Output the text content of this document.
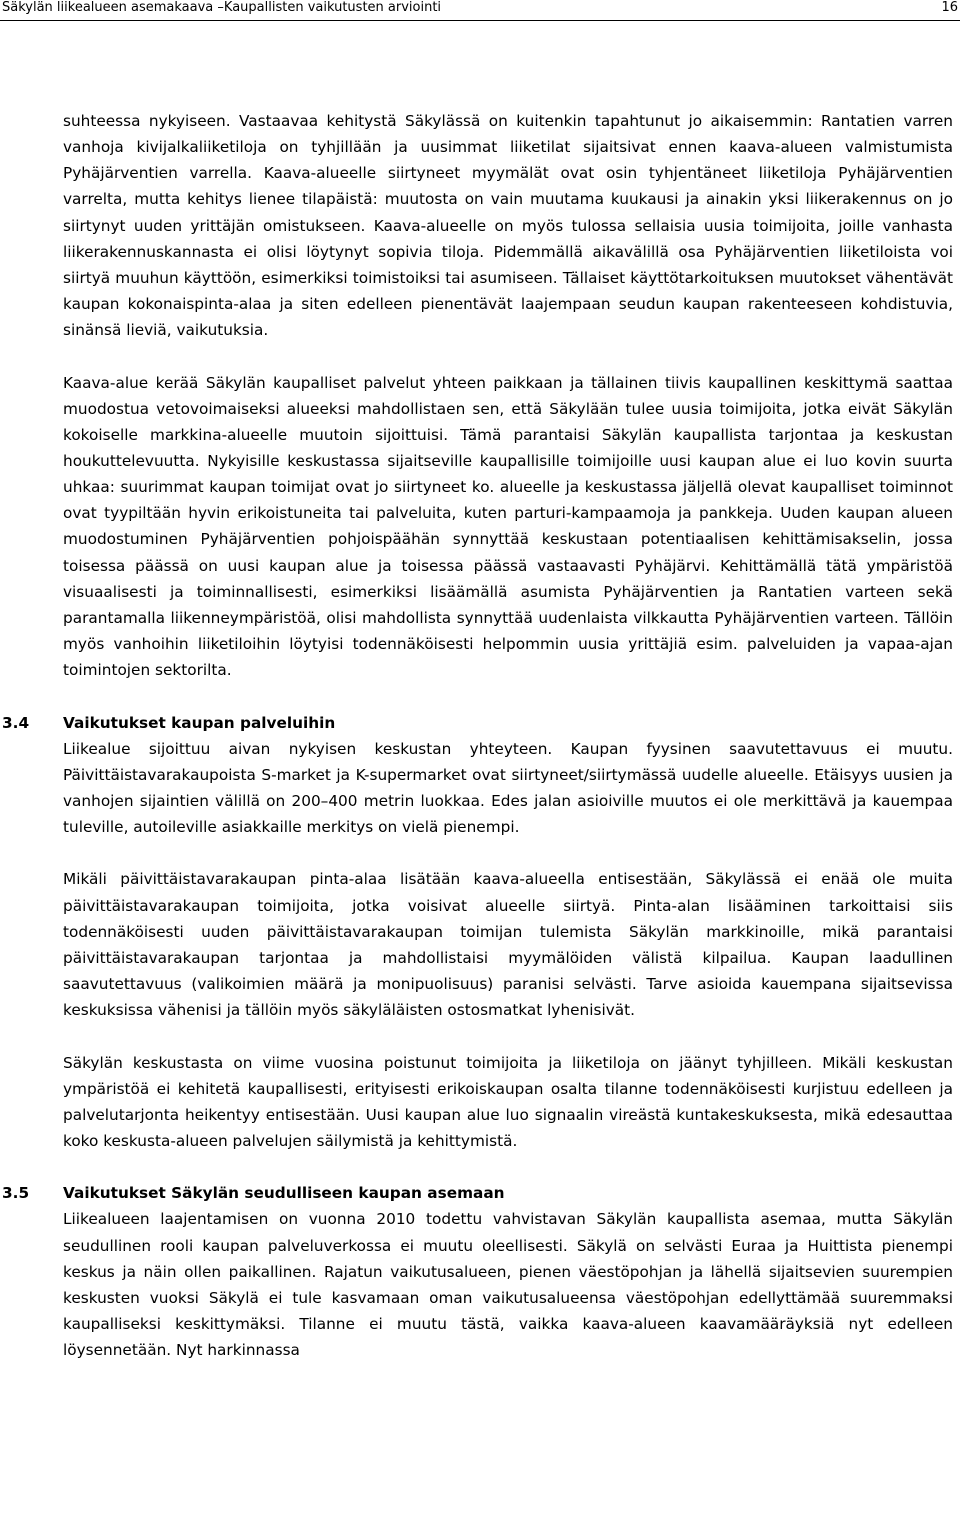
Säkylän liikealueen asemakaava –Kaupallisten vaikutusten arviointi	16

suhteessa nykyiseen. Vastaavaa kehitystä Säkylässä on kuitenkin tapahtunut jo aikaisemmin: Rantatien varren vanhoja kivijalkaliiketiloja on tyhjillään ja uusimmat liiketilat sijaitsivat ennen kaava-alueen valmistumista Pyhäjärventien varrella. Kaava-alueelle siirtyneet myymälät ovat osin tyhjentäneet liiketiloja Pyhäjärventien varrelta, mutta kehitys lienee tilapäistä: muutosta on vain muutama kuukausi ja ainakin yksi liikerakennus on jo siirtynyt uuden yrittäjän omistukseen. Kaava-alueelle on myös tulossa sellaisia uusia toimijoita, joille vanhasta liikerakennuskannasta ei olisi löytynyt sopivia tiloja. Pidemmällä aikavälillä osa Pyhäjärventien liiketiloista voi siirtyä muuhun käyttöön, esimerkiksi toimistoiksi tai asumiseen. Tällaiset käyttötarkoituksen muutokset vähentävät kaupan kokonaispinta-alaa ja siten edelleen pienentävät laajempaan seudun kaupan rakenteeseen kohdistuvia, sinänsä lieviä, vaikutuksia.

Kaava-alue kerää Säkylän kaupalliset palvelut yhteen paikkaan ja tällainen tiivis kaupallinen keskittymä saattaa muodostua vetovoimaiseksi alueeksi mahdollistaen sen, että Säkylään tulee uusia toimijoita, jotka eivät Säkylän kokoiselle markkina-alueelle muutoin sijoittuisi. Tämä parantaisi Säkylän kaupallista tarjontaa ja keskustan houkuttelevuutta. Nykyisille keskustassa sijaitseville kaupallisille toimijoille uusi kaupan alue ei luo kovin suurta uhkaa: suurimmat kaupan toimijat ovat jo siirtyneet ko. alueelle ja keskustassa jäljellä olevat kaupalliset toiminnot ovat tyypiltään hyvin erikoistuneita tai palveluita, kuten parturi-kampaamoja ja pankkeja. Uuden kaupan alueen muodostuminen Pyhäjärventien pohjoispäähän synnyttää keskustaan potentiaalisen kehittämisakselin, jossa toisessa päässä on uusi kaupan alue ja toisessa päässä vastaavasti Pyhäjärvi. Kehittämällä tätä ympäristöä visuaalisesti ja toiminnallisesti, esimerkiksi lisäämällä asumista Pyhäjärventien ja Rantatien varteen sekä parantamalla liikenneympäristöä, olisi mahdollista synnyttää uudenlaista vilkkautta Pyhäjärventien varteen. Tällöin myös vanhoihin liiketiloihin löytyisi todennäköisesti helpommin uusia yrittäjiä esim. palveluiden ja vapaa-ajan toimintojen sektorilta.

3.4 Vaikutukset kaupan palveluihin

Liikealue sijoittuu aivan nykyisen keskustan yhteyteen. Kaupan fyysinen saavutettavuus ei muutu. Päivittäistavarakaupoista S-market ja K-supermarket ovat siirtyneet/siirtymässä uudelle alueelle. Etäisyys uusien ja vanhojen sijaintien välillä on 200–400 metrin luokkaa. Edes jalan asioiville muutos ei ole merkittävä ja kauempaa tuleville, autoileville asiakkaille merkitys on vielä pienempi.

Mikäli päivittäistavarakaupan pinta-alaa lisätään kaava-alueella entisestään, Säkylässä ei enää ole muita päivittäistavarakaupan toimijoita, jotka voisivat alueelle siirtyä. Pinta-alan lisääminen tarkoittaisi siis todennäköisesti uuden päivittäistavarakaupan toimijan tulemista Säkylän markkinoille, mikä parantaisi päivittäistavarakaupan tarjontaa ja mahdollistaisi myymälöiden välistä kilpailua. Kaupan laadullinen saavutettavuus (valikoimien määrä ja monipuolisuus) paranisi selvästi. Tarve asioida kauempana sijaitsevissa keskuksissa vähenisi ja tällöin myös säkyläläisten ostosmatkat lyhenisivät.

Säkylän keskustasta on viime vuosina poistunut toimijoita ja liiketiloja on jäänyt tyhjilleen. Mikäli keskustan ympäristöä ei kehitetä kaupallisesti, erityisesti erikoiskaupan osalta tilanne todennäköisesti kurjistuu edelleen ja palvelutarjonta heikentyy entisestään. Uusi kaupan alue luo signaalin vireästä kuntakeskuksesta, mikä edesauttaa koko keskusta-alueen palvelujen säilymistä ja kehittymistä.

3.5 Vaikutukset Säkylän seudulliseen kaupan asemaan

Liikealueen laajentamisen on vuonna 2010 todettu vahvistavan Säkylän kaupallista asemaa, mutta Säkylän seudullinen rooli kaupan palveluverkossa ei muutu oleellisesti. Säkylä on selvästi Euraa ja Huittista pienempi keskus ja näin ollen paikallinen. Rajatun vaikutusalueen, pienen väestöpohjan ja lähellä sijaitsevien suurempien keskusten vuoksi Säkylä ei tule kasvamaan oman vaikutusalueensa väestöpohjan edellyttämää suuremmaksi kaupalliseksi keskittymäksi. Tilanne ei muutu tästä, vaikka kaava-alueen kaavamääräyksiä nyt edelleen löysennetään. Nyt harkinnassa
